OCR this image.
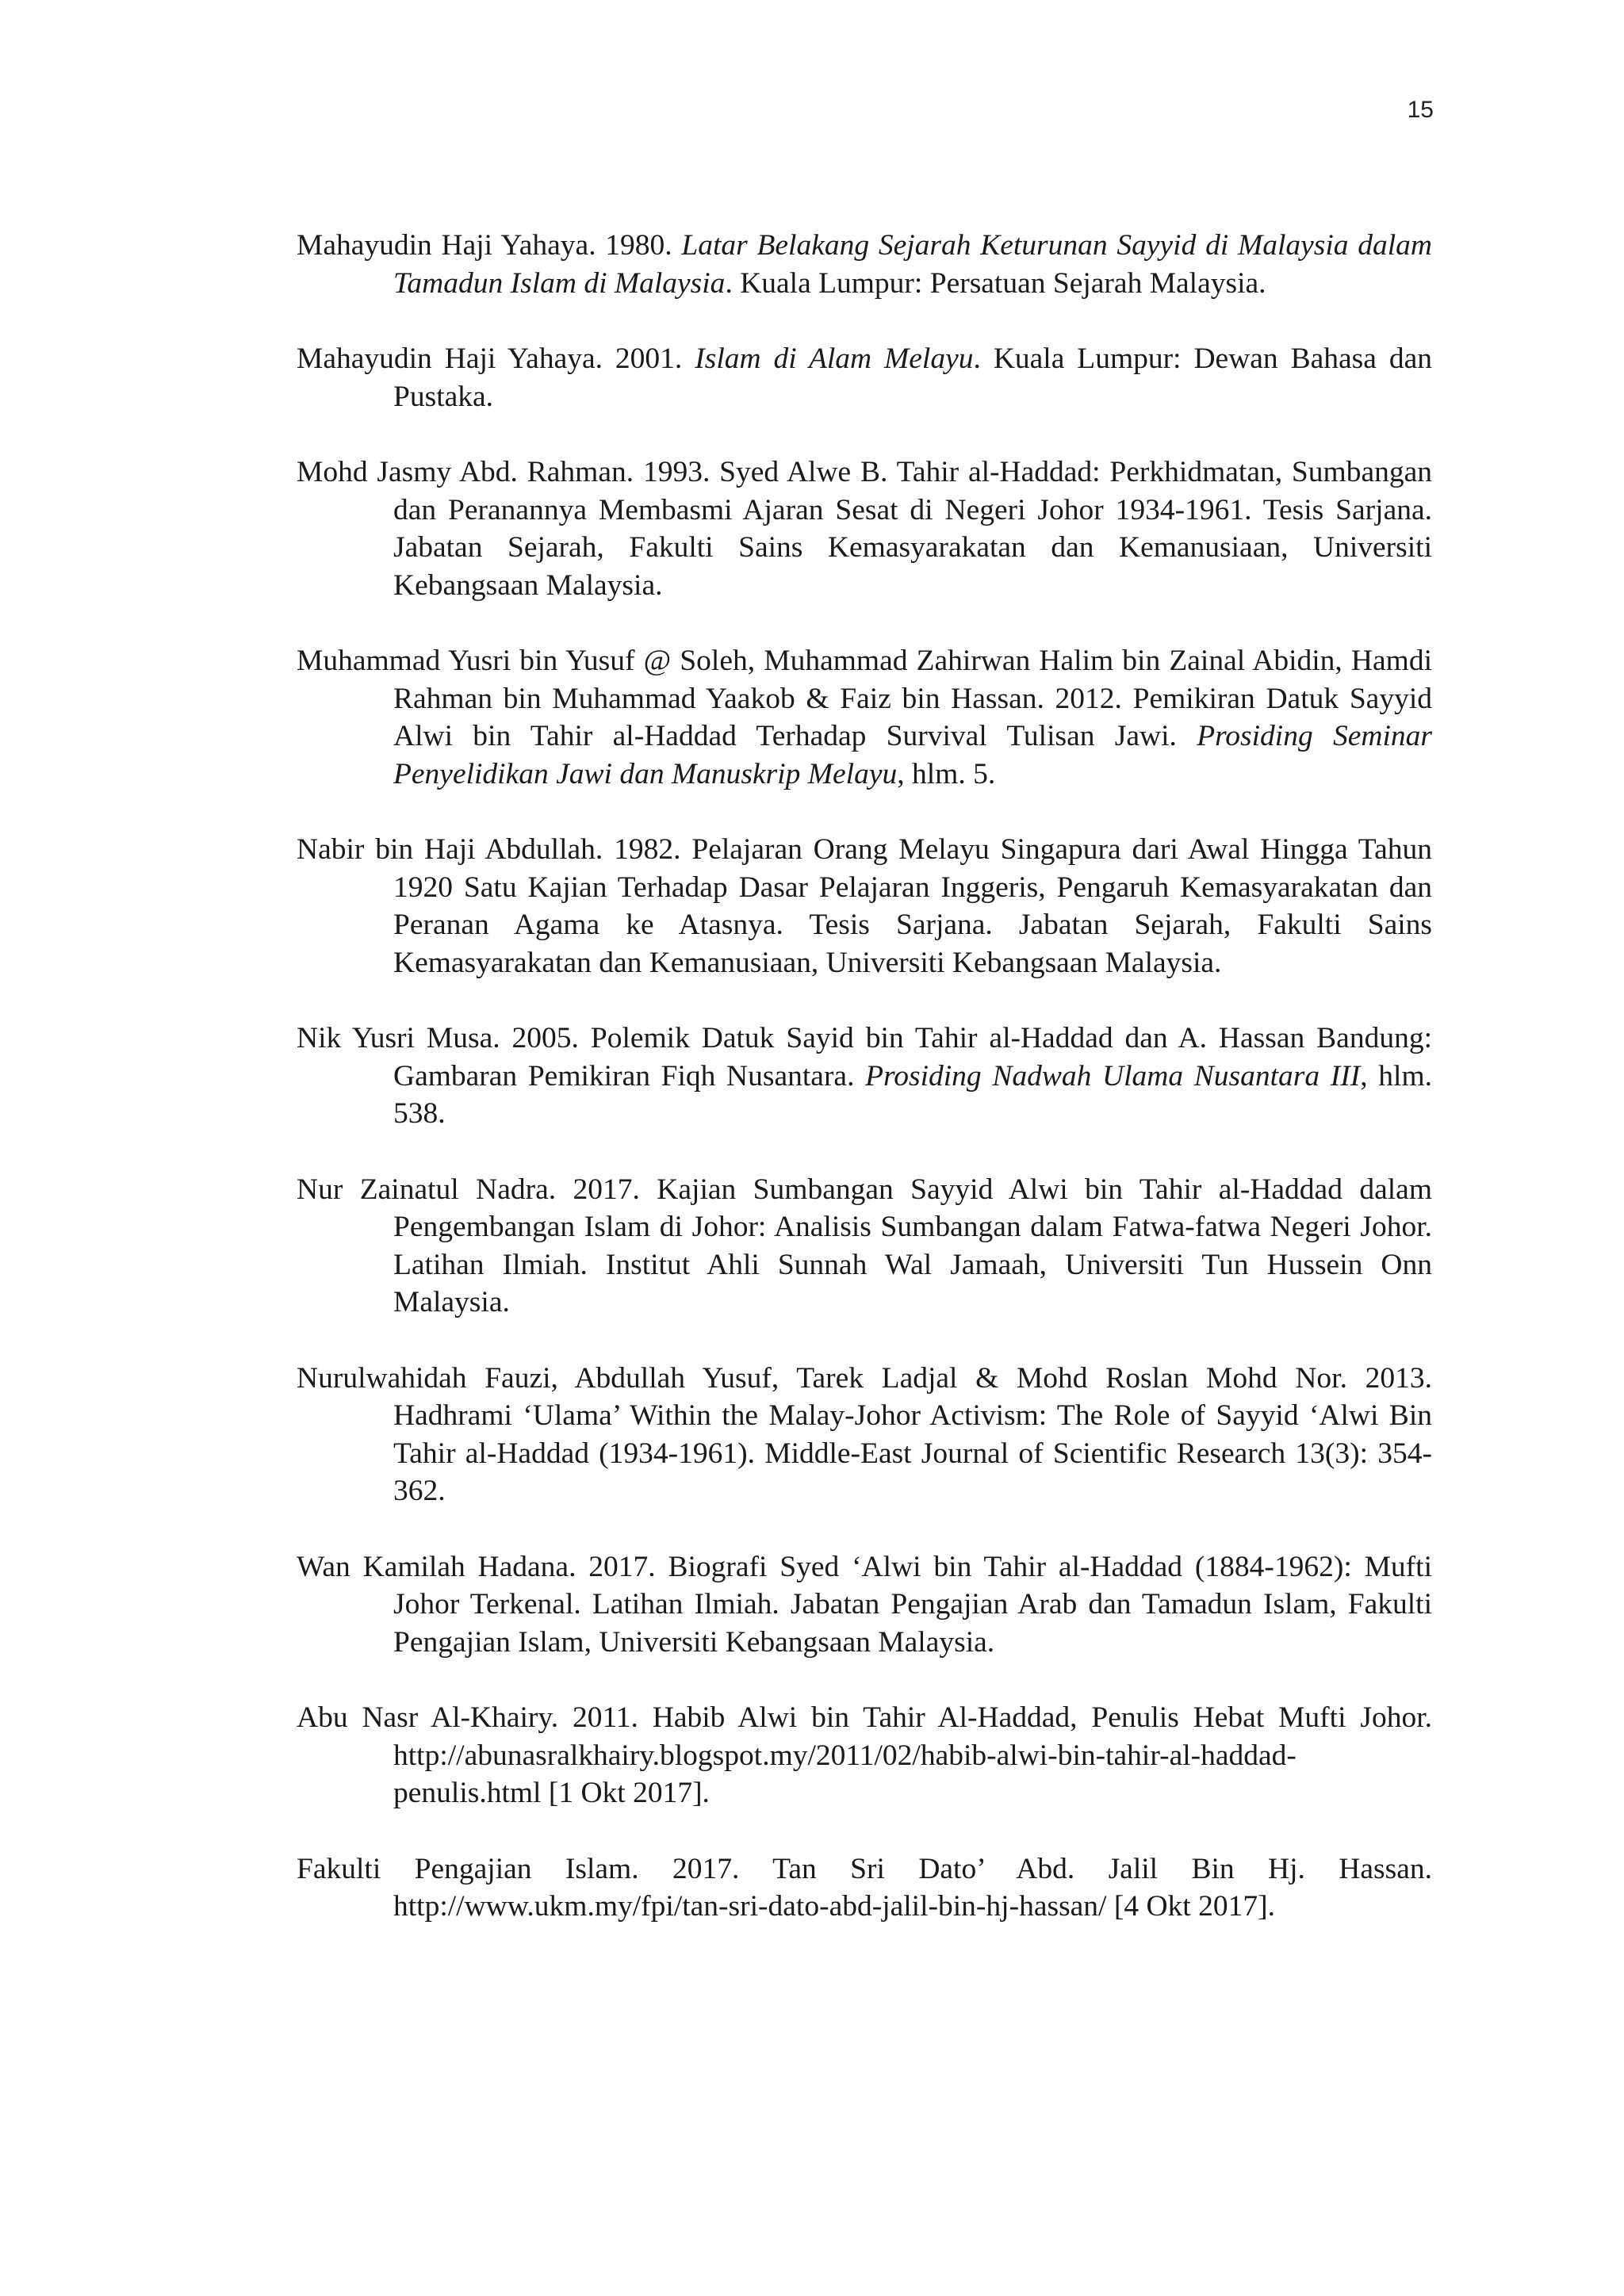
15

Mahayudin Haji Yahaya. 1980. Latar Belakang Sejarah Keturunan Sayyid di Malaysia dalam Tamadun Islam di Malaysia. Kuala Lumpur: Persatuan Sejarah Malaysia.

Mahayudin Haji Yahaya. 2001. Islam di Alam Melayu. Kuala Lumpur: Dewan Bahasa dan Pustaka.

Mohd Jasmy Abd. Rahman. 1993. Syed Alwe B. Tahir al-Haddad: Perkhidmatan, Sumbangan dan Peranannya Membasmi Ajaran Sesat di Negeri Johor 1934-1961. Tesis Sarjana. Jabatan Sejarah, Fakulti Sains Kemasyarakatan dan Kemanusiaan, Universiti Kebangsaan Malaysia.

Muhammad Yusri bin Yusuf @ Soleh, Muhammad Zahirwan Halim bin Zainal Abidin, Hamdi Rahman bin Muhammad Yaakob & Faiz bin Hassan. 2012. Pemikiran Datuk Sayyid Alwi bin Tahir al-Haddad Terhadap Survival Tulisan Jawi. Prosiding Seminar Penyelidikan Jawi dan Manuskrip Melayu, hlm. 5.

Nabir bin Haji Abdullah. 1982. Pelajaran Orang Melayu Singapura dari Awal Hingga Tahun 1920 Satu Kajian Terhadap Dasar Pelajaran Inggeris, Pengaruh Kemasyarakatan dan Peranan Agama ke Atasnya. Tesis Sarjana. Jabatan Sejarah, Fakulti Sains Kemasyarakatan dan Kemanusiaan, Universiti Kebangsaan Malaysia.

Nik Yusri Musa. 2005. Polemik Datuk Sayid bin Tahir al-Haddad dan A. Hassan Bandung: Gambaran Pemikiran Fiqh Nusantara. Prosiding Nadwah Ulama Nusantara III, hlm. 538.

Nur Zainatul Nadra. 2017. Kajian Sumbangan Sayyid Alwi bin Tahir al-Haddad dalam Pengembangan Islam di Johor: Analisis Sumbangan dalam Fatwa-fatwa Negeri Johor. Latihan Ilmiah. Institut Ahli Sunnah Wal Jamaah, Universiti Tun Hussein Onn Malaysia.

Nurulwahidah Fauzi, Abdullah Yusuf, Tarek Ladjal & Mohd Roslan Mohd Nor. 2013. Hadhrami ‘Ulama’ Within the Malay-Johor Activism: The Role of Sayyid ‘Alwi Bin Tahir al-Haddad (1934-1961). Middle-East Journal of Scientific Research 13(3): 354-362.

Wan Kamilah Hadana. 2017. Biografi Syed ‘Alwi bin Tahir al-Haddad (1884-1962): Mufti Johor Terkenal. Latihan Ilmiah. Jabatan Pengajian Arab dan Tamadun Islam, Fakulti Pengajian Islam, Universiti Kebangsaan Malaysia.

Abu Nasr Al-Khairy. 2011. Habib Alwi bin Tahir Al-Haddad, Penulis Hebat Mufti Johor. http://abunasralkhairy.blogspot.my/2011/02/habib-alwi-bin-tahir-al-haddad-penulis.html [1 Okt 2017].

Fakulti Pengajian Islam. 2017. Tan Sri Dato’ Abd. Jalil Bin Hj. Hassan. http://www.ukm.my/fpi/tan-sri-dato-abd-jalil-bin-hj-hassan/ [4 Okt 2017].
